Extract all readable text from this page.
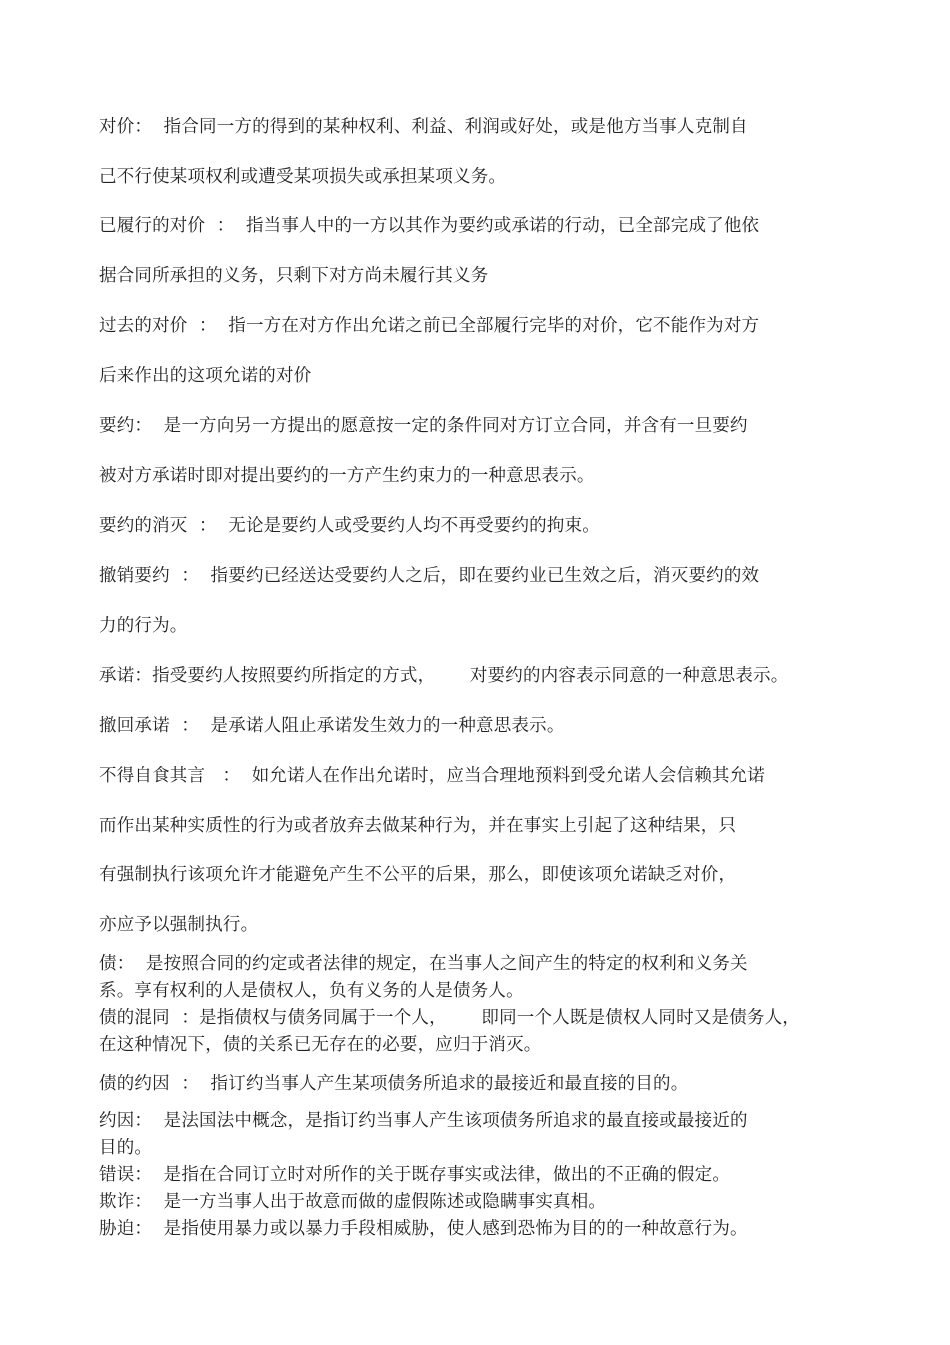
对价：  指合同一方的得到的某种权利、利益、利润或好处，或是他方当事人克制自
己不行使某项权利或遭受某项损失或承担某项义务。
已履行的对价  ：  指当事人中的一方以其作为要约或承诺的行动，已全部完成了他依
据合同所承担的义务，只剩下对方尚未履行其义务
过去的对价  ：  指一方在对方作出允诺之前已全部履行完毕的对价，它不能作为对方
后来作出的这项允诺的对价
要约：  是一方向另一方提出的愿意按一定的条件同对方订立合同，并含有一旦要约
被对方承诺时即对提出要约的一方产生约束力的一种意思表示。
要约的消灭  ：  无论是要约人或受要约人均不再受要约的拘束。
撤销要约  ：  指要约已经送达受要约人之后，即在要约业已生效之后，消灭要约的效
力的行为。
承诺：指受要约人按照要约所指定的方式，      对要约的内容表示同意的一种意思表示。
撤回承诺  ：  是承诺人阻止承诺发生效力的一种意思表示。
不得自食其言   ：  如允诺人在作出允诺时，应当合理地预料到受允诺人会信赖其允诺
而作出某种实质性的行为或者放弃去做某种行为，并在事实上引起了这种结果，只
有强制执行该项允许才能避免产生不公平的后果，那么，即使该项允诺缺乏对价，
亦应予以强制执行。
债：  是按照合同的约定或者法律的规定，在当事人之间产生的特定的权利和义务关
系。享有权利的人是债权人，负有义务的人是债务人。
债的混同  ：是指债权与债务同属于一个人，      即同一个人既是债权人同时又是债务人，
在这种情况下，债的关系已无存在的必要，应归于消灭。
债的约因  ：  指订约当事人产生某项债务所追求的最接近和最直接的目的。
约因：  是法国法中概念，是指订约当事人产生该项债务所追求的最直接或最接近的
目的。
错误：  是指在合同订立时对所作的关于既存事实或法律，做出的不正确的假定。
欺诈：  是一方当事人出于故意而做的虚假陈述或隐瞒事实真相。
胁迫：  是指使用暴力或以暴力手段相威胁，使人感到恐怖为目的的一种故意行为。
